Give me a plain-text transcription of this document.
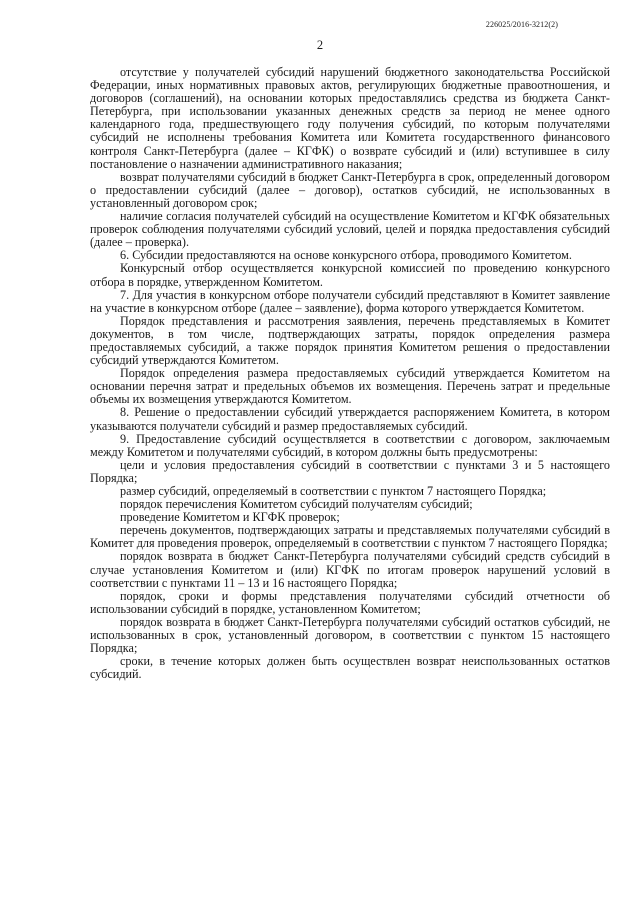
226025/2016-3212(2)
2

отсутствие у получателей субсидий нарушений бюджетного законодательства Российской Федерации, иных нормативных правовых актов, регулирующих бюджетные правоотношения, и договоров (соглашений), на основании которых предоставлялись средства из бюджета Санкт-Петербурга, при использовании указанных денежных средств за период не менее одного календарного года, предшествующего году получения субсидий, по которым получателями субсидий не исполнены требования Комитета или Комитета государственного финансового контроля Санкт-Петербурга (далее – КГФК) о возврате субсидий и (или) вступившее в силу постановление о назначении административного наказания;

возврат получателями субсидий в бюджет Санкт-Петербурга в срок, определенный договором о предоставлении субсидий (далее – договор), остатков субсидий, не использованных в установленный договором срок;

наличие согласия получателей субсидий на осуществление Комитетом и КГФК обязательных проверок соблюдения получателями субсидий условий, целей и порядка предоставления субсидий (далее – проверка).

6. Субсидии предоставляются на основе конкурсного отбора, проводимого Комитетом.

Конкурсный отбор осуществляется конкурсной комиссией по проведению конкурсного отбора в порядке, утвержденном Комитетом.

7. Для участия в конкурсном отборе получатели субсидий представляют в Комитет заявление на участие в конкурсном отборе (далее – заявление), форма которого утверждается Комитетом.

Порядок представления и рассмотрения заявления, перечень представляемых в Комитет документов, в том числе, подтверждающих затраты, порядок определения размера предоставляемых субсидий, а также порядок принятия Комитетом решения о предоставлении субсидий утверждаются Комитетом.

Порядок определения размера предоставляемых субсидий утверждается Комитетом на основании перечня затрат и предельных объемов их возмещения. Перечень затрат и предельные объемы их возмещения утверждаются Комитетом.

8. Решение о предоставлении субсидий утверждается распоряжением Комитета, в котором указываются получатели субсидий и размер предоставляемых субсидий.

9. Предоставление субсидий осуществляется в соответствии с договором, заключаемым между Комитетом и получателями субсидий, в котором должны быть предусмотрены:

цели и условия предоставления субсидий в соответствии с пунктами 3 и 5 настоящего Порядка;

размер субсидий, определяемый в соответствии с пунктом 7 настоящего Порядка;

порядок перечисления Комитетом субсидий получателям субсидий;

проведение Комитетом и КГФК проверок;

перечень документов, подтверждающих затраты и представляемых получателями субсидий в Комитет для проведения проверок, определяемый в соответствии с пунктом 7 настоящего Порядка;

порядок возврата в бюджет Санкт-Петербурга получателями субсидий средств субсидий в случае установления Комитетом и (или) КГФК по итогам проверок нарушений условий в соответствии с пунктами 11 – 13 и 16 настоящего Порядка;

порядок, сроки и формы представления получателями субсидий отчетности об использовании субсидий в порядке, установленном Комитетом;

порядок возврата в бюджет Санкт-Петербурга получателями субсидий остатков субсидий, не использованных в срок, установленный договором, в соответствии с пунктом 15 настоящего Порядка;

сроки, в течение которых должен быть осуществлен возврат неиспользованных остатков субсидий.
